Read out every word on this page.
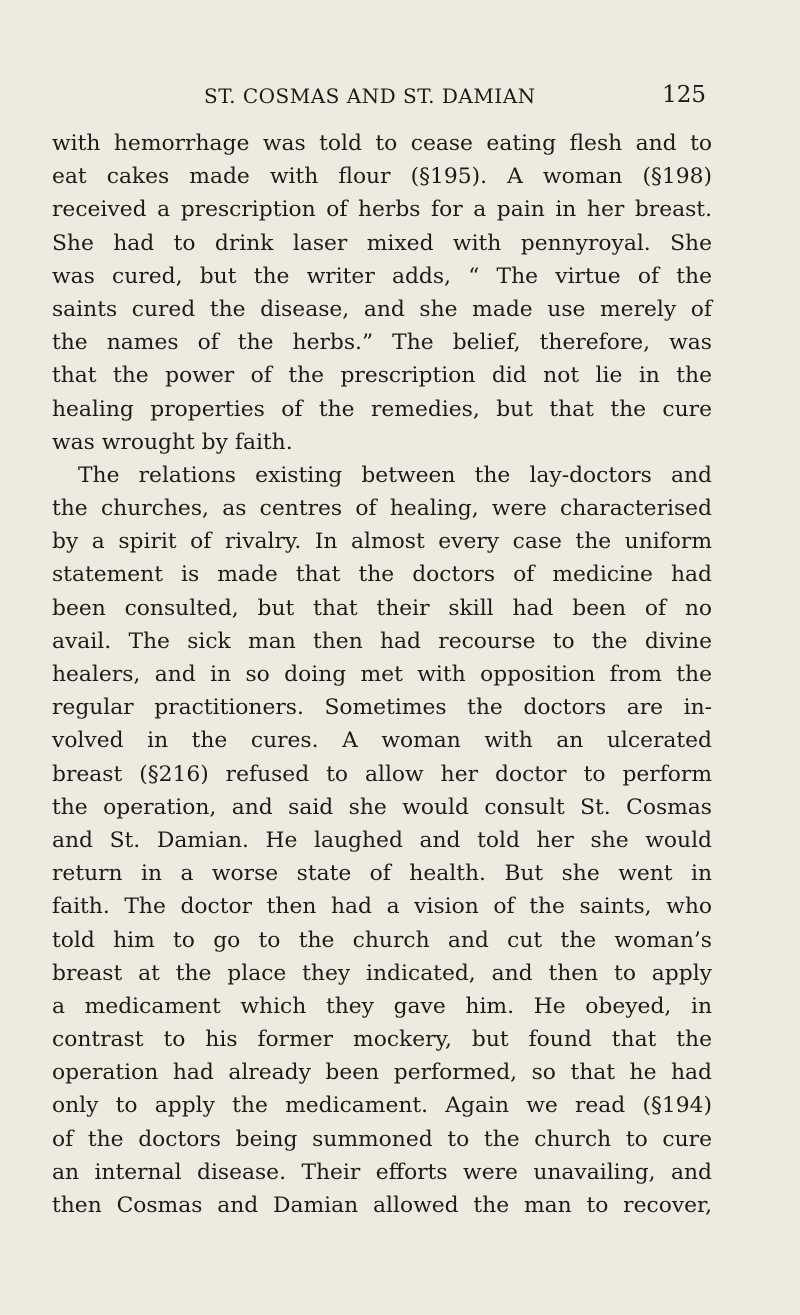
ST. COSMAS AND ST. DAMIAN	125
with hemorrhage was told to cease eating flesh and to
eat cakes made with flour (§195). A woman (§198)
received a prescription of herbs for a pain in her breast.
She had to drink laser mixed with pennyroyal. She
was cured, but the writer adds, “ The virtue of the
saints cured the disease, and she made use merely of
the names of the herbs.” The belief, therefore, was
that the power of the prescription did not lie in the
healing properties of the remedies, but that the cure
was wrought by faith.
The relations existing between the lay-doctors and
the churches, as centres of healing, were characterised
by a spirit of rivalry. In almost every case the uniform
statement is made that the doctors of medicine had
been consulted, but that their skill had been of no
avail. The sick man then had recourse to the divine
healers, and in so doing met with opposition from the
regular practitioners. Sometimes the doctors are in-
volved in the cures. A woman with an ulcerated
breast (§216) refused to allow her doctor to perform
the operation, and said she would consult St. Cosmas
and St. Damian. He laughed and told her she would
return in a worse state of health. But she went in
faith. The doctor then had a vision of the saints, who
told him to go to the church and cut the woman’s
breast at the place they indicated, and then to apply
a medicament which they gave him. He obeyed, in
contrast to his former mockery, but found that the
operation had already been performed, so that he had
only to apply the medicament. Again we read (§194)
of the doctors being summoned to the church to cure
an internal disease. Their efforts were unavailing, and
then Cosmas and Damian allowed the man to recover,
